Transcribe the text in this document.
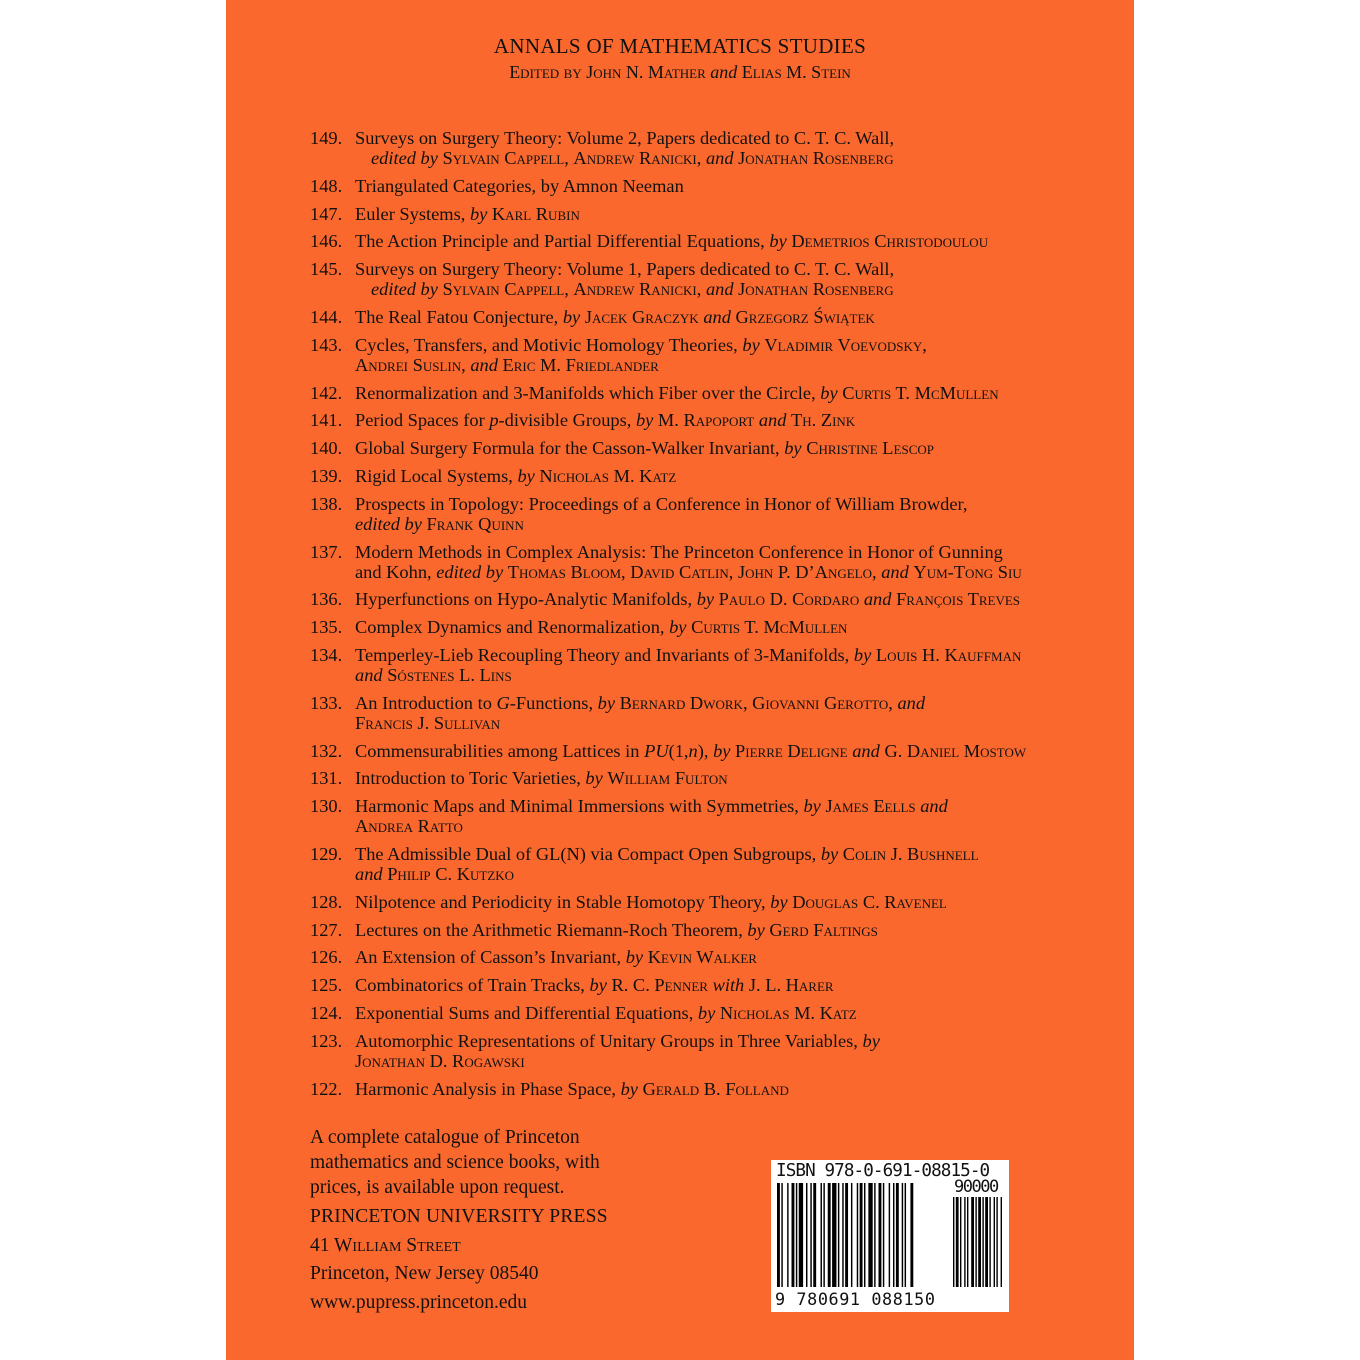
ANNALS OF MATHEMATICS STUDIES
Edited by John N. Mather and Elias M. Stein
149. Surveys on Surgery Theory: Volume 2, Papers dedicated to C. T. C. Wall,
edited by Sylvain Cappell, Andrew Ranicki, and Jonathan Rosenberg
148. Triangulated Categories, by Amnon Neeman
147. Euler Systems, by Karl Rubin
146. The Action Principle and Partial Differential Equations, by Demetrios Christodoulou
145. Surveys on Surgery Theory: Volume 1, Papers dedicated to C. T. C. Wall,
edited by Sylvain Cappell, Andrew Ranicki, and Jonathan Rosenberg
144. The Real Fatou Conjecture, by Jacek Graczyk and Grzegorz Świątek
143. Cycles, Transfers, and Motivic Homology Theories, by Vladimir Voevodsky,
Andrei Suslin, and Eric M. Friedlander
142. Renormalization and 3-Manifolds which Fiber over the Circle, by Curtis T. McMullen
141. Period Spaces for p-divisible Groups, by M. Rapoport and Th. Zink
140. Global Surgery Formula for the Casson-Walker Invariant, by Christine Lescop
139. Rigid Local Systems, by Nicholas M. Katz
138. Prospects in Topology: Proceedings of a Conference in Honor of William Browder,
edited by Frank Quinn
137. Modern Methods in Complex Analysis: The Princeton Conference in Honor of Gunning
and Kohn, edited by Thomas Bloom, David Catlin, John P. D’Angelo, and Yum-Tong Siu
136. Hyperfunctions on Hypo-Analytic Manifolds, by Paulo D. Cordaro and François Treves
135. Complex Dynamics and Renormalization, by Curtis T. McMullen
134. Temperley-Lieb Recoupling Theory and Invariants of 3-Manifolds, by Louis H. Kauffman
and Sóstenes L. Lins
133. An Introduction to G-Functions, by Bernard Dwork, Giovanni Gerotto, and
Francis J. Sullivan
132. Commensurabilities among Lattices in PU(1,n), by Pierre Deligne and G. Daniel Mostow
131. Introduction to Toric Varieties, by William Fulton
130. Harmonic Maps and Minimal Immersions with Symmetries, by James Eells and
Andrea Ratto
129. The Admissible Dual of GL(N) via Compact Open Subgroups, by Colin J. Bushnell
and Philip C. Kutzko
128. Nilpotence and Periodicity in Stable Homotopy Theory, by Douglas C. Ravenel
127. Lectures on the Arithmetic Riemann-Roch Theorem, by Gerd Faltings
126. An Extension of Casson’s Invariant, by Kevin Walker
125. Combinatorics of Train Tracks, by R. C. Penner with J. L. Harer
124. Exponential Sums and Differential Equations, by Nicholas M. Katz
123. Automorphic Representations of Unitary Groups in Three Variables, by
Jonathan D. Rogawski
122. Harmonic Analysis in Phase Space, by Gerald B. Folland
A complete catalogue of Princeton
mathematics and science books, with
prices, is available upon request.
PRINCETON UNIVERSITY PRESS
41 William Street
Princeton, New Jersey 08540
www.pupress.princeton.edu
ISBN 978-0-691-08815-0
90000
9 780691 088150
